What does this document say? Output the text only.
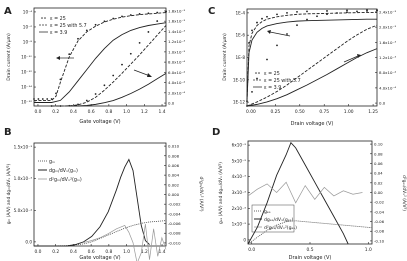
A
Drain current (A/μm)
Gate voltage (V)
ε = 25
ε = 25 with 5.7
ε = 3.9
C
Drain current (A/μm)
Drain voltage (V)
ε = 25
ε = 25 with 5.7
ε = 3.9
B
gₘ (A/V) and dgₘ/dVₓ (A/V²)	d²gₘ/dVₓ² (A/V³)
Gate voltage (V)
gₘ
dgₘ/dVₓ(gₘ)
d²gₘ/dVₓ²(gₘ)
D
gₑₛ (A/V) and dgₑₛ/dVₓ (A/V²)	d²gₑₛ/dVₓ² (A/V³)
Drain voltage (V)
gₑₛ
dgₑₛ/dVₓ(gₑₛ)
d²gₑₛ/dVₓ²(gₑₛ)
0.0 0.2 0.4 0.6 0.8 1.0 1.2 1.4
10⁻⁴
10⁻⁶
10⁻⁸
10⁻¹⁰
10⁻¹²
10⁻¹⁴
10⁻¹⁶
1.8x10⁻³
1.6x10⁻³
1.4x10⁻³
1.2x10⁻³
1.0x10⁻³
8.0x10⁻⁴
6.0x10⁻⁴
4.0x10⁻⁴
2.0x10⁻⁴
0.0
0.00	0.25	0.50	0.75	1.00	1.25
1E-4
1E-6
1E-8
1E-10
1E-12
2.4x10⁻³
2.0x10⁻³
1.6x10⁻³
1.2x10⁻³
8.0x10⁻⁴
4.0x10⁻⁴
0.0
0.0 0.2 0.4 0.6 0.8 1.0 1.2 1.4
1.5x10⁻³
1.0x10⁻³
5.0x10⁻⁴
0.0
0.010
0.008
0.006
0.004
0.002
0.000
-0.002
-0.004
-0.006
-0.008
-0.010
0.0	0.5	1.0
6x10⁻³
5x10⁻³
4x10⁻³
3x10⁻³
2x10⁻³
1x10⁻³
0
0.10
0.08
0.06
0.04
0.02
0.00
-0.02
-0.04
-0.06
-0.08
-0.10
